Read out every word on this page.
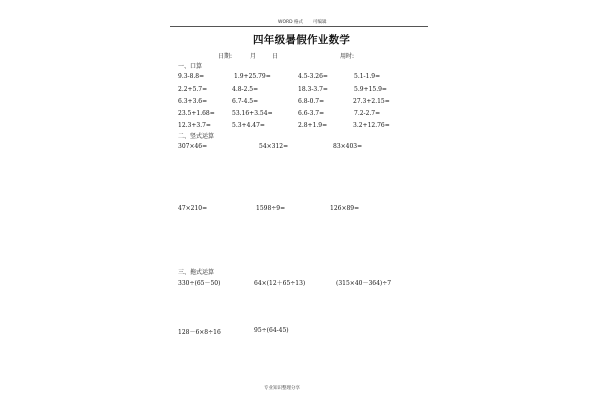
WORD 格式 可编辑
四年级暑假作业数学
日期:	月	日	用时:
一、口算
9.3-8.8=	1.9+25.79=	4.5-3.26=	5.1-1.9=
2.2+5.7=	4.8-2.5=	18.3-3.7=	5.9+15.9=
6.3+3.6=	6.7-4.5=	6.8-0.7=	27.3+2.15=
23.5+1.68=	53.16+3.54=	6.6-3.7=	7.2-2.7=
12.3+3.7=	5.3+4.47=	2.8+1.9=	3.2+12.76=
二、竖式运算
307×46=	54×312=	83×403=
47×210=	1598÷9=	126×89=
三、拖式运算
330÷(65－50)	64×(12＋65÷13)	(315×40－364)÷7
128－6×8÷16	95÷(64-45)
专业知识整理分享
